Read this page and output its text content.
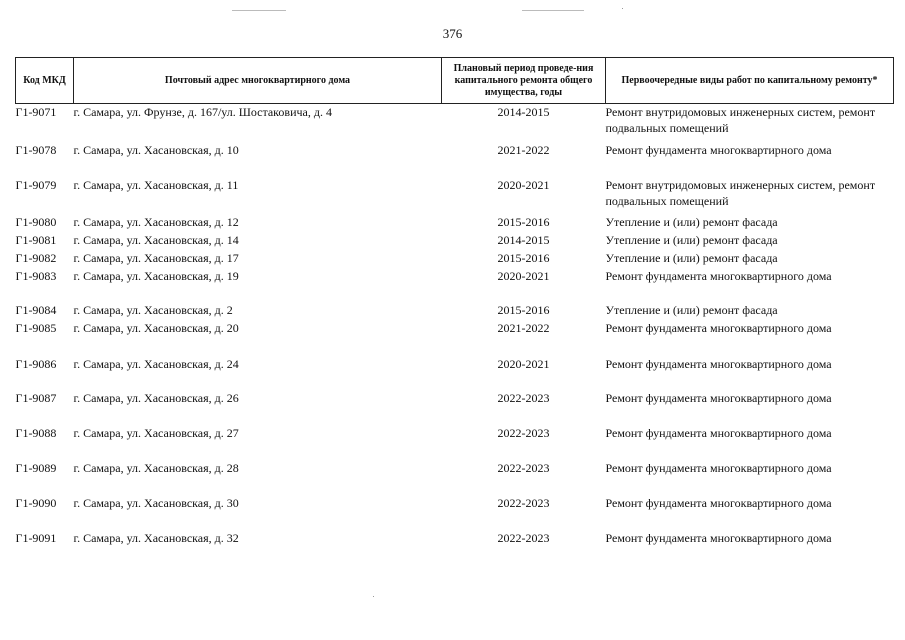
376
Код МКД	Почтовый адрес многоквартирного дома	Плановый период проведе-ния капитального ремонта общего имущества, годы	Первоочередные виды работ по капитальному ремонту*
Г1-9071	г. Самара, ул. Фрунзе, д. 167/ул. Шостаковича, д. 4	2014-2015	Ремонт внутридомовых инженерных систем, ремонт подвальных помещений
Г1-9078	г. Самара, ул. Хасановская, д. 10	2021-2022	Ремонт фундамента многоквартирного дома
Г1-9079	г. Самара, ул. Хасановская, д. 11	2020-2021	Ремонт внутридомовых инженерных систем, ремонт подвальных помещений
Г1-9080	г. Самара, ул. Хасановская, д. 12	2015-2016	Утепление и (или) ремонт фасада
Г1-9081	г. Самара, ул. Хасановская, д. 14	2014-2015	Утепление и (или) ремонт фасада
Г1-9082	г. Самара, ул. Хасановская, д. 17	2015-2016	Утепление и (или) ремонт фасада
Г1-9083	г. Самара, ул. Хасановская, д. 19	2020-2021	Ремонт фундамента многоквартирного дома
Г1-9084	г. Самара, ул. Хасановская, д. 2	2015-2016	Утепление и (или) ремонт фасада
Г1-9085	г. Самара, ул. Хасановская, д. 20	2021-2022	Ремонт фундамента многоквартирного дома
Г1-9086	г. Самара, ул. Хасановская, д. 24	2020-2021	Ремонт фундамента многоквартирного дома
Г1-9087	г. Самара, ул. Хасановская, д. 26	2022-2023	Ремонт фундамента многоквартирного дома
Г1-9088	г. Самара, ул. Хасановская, д. 27	2022-2023	Ремонт фундамента многоквартирного дома
Г1-9089	г. Самара, ул. Хасановская, д. 28	2022-2023	Ремонт фундамента многоквартирного дома
Г1-9090	г. Самара, ул. Хасановская, д. 30	2022-2023	Ремонт фундамента многоквартирного дома
Г1-9091	г. Самара, ул. Хасановская, д. 32	2022-2023	Ремонт фундамента многоквартирного дома
